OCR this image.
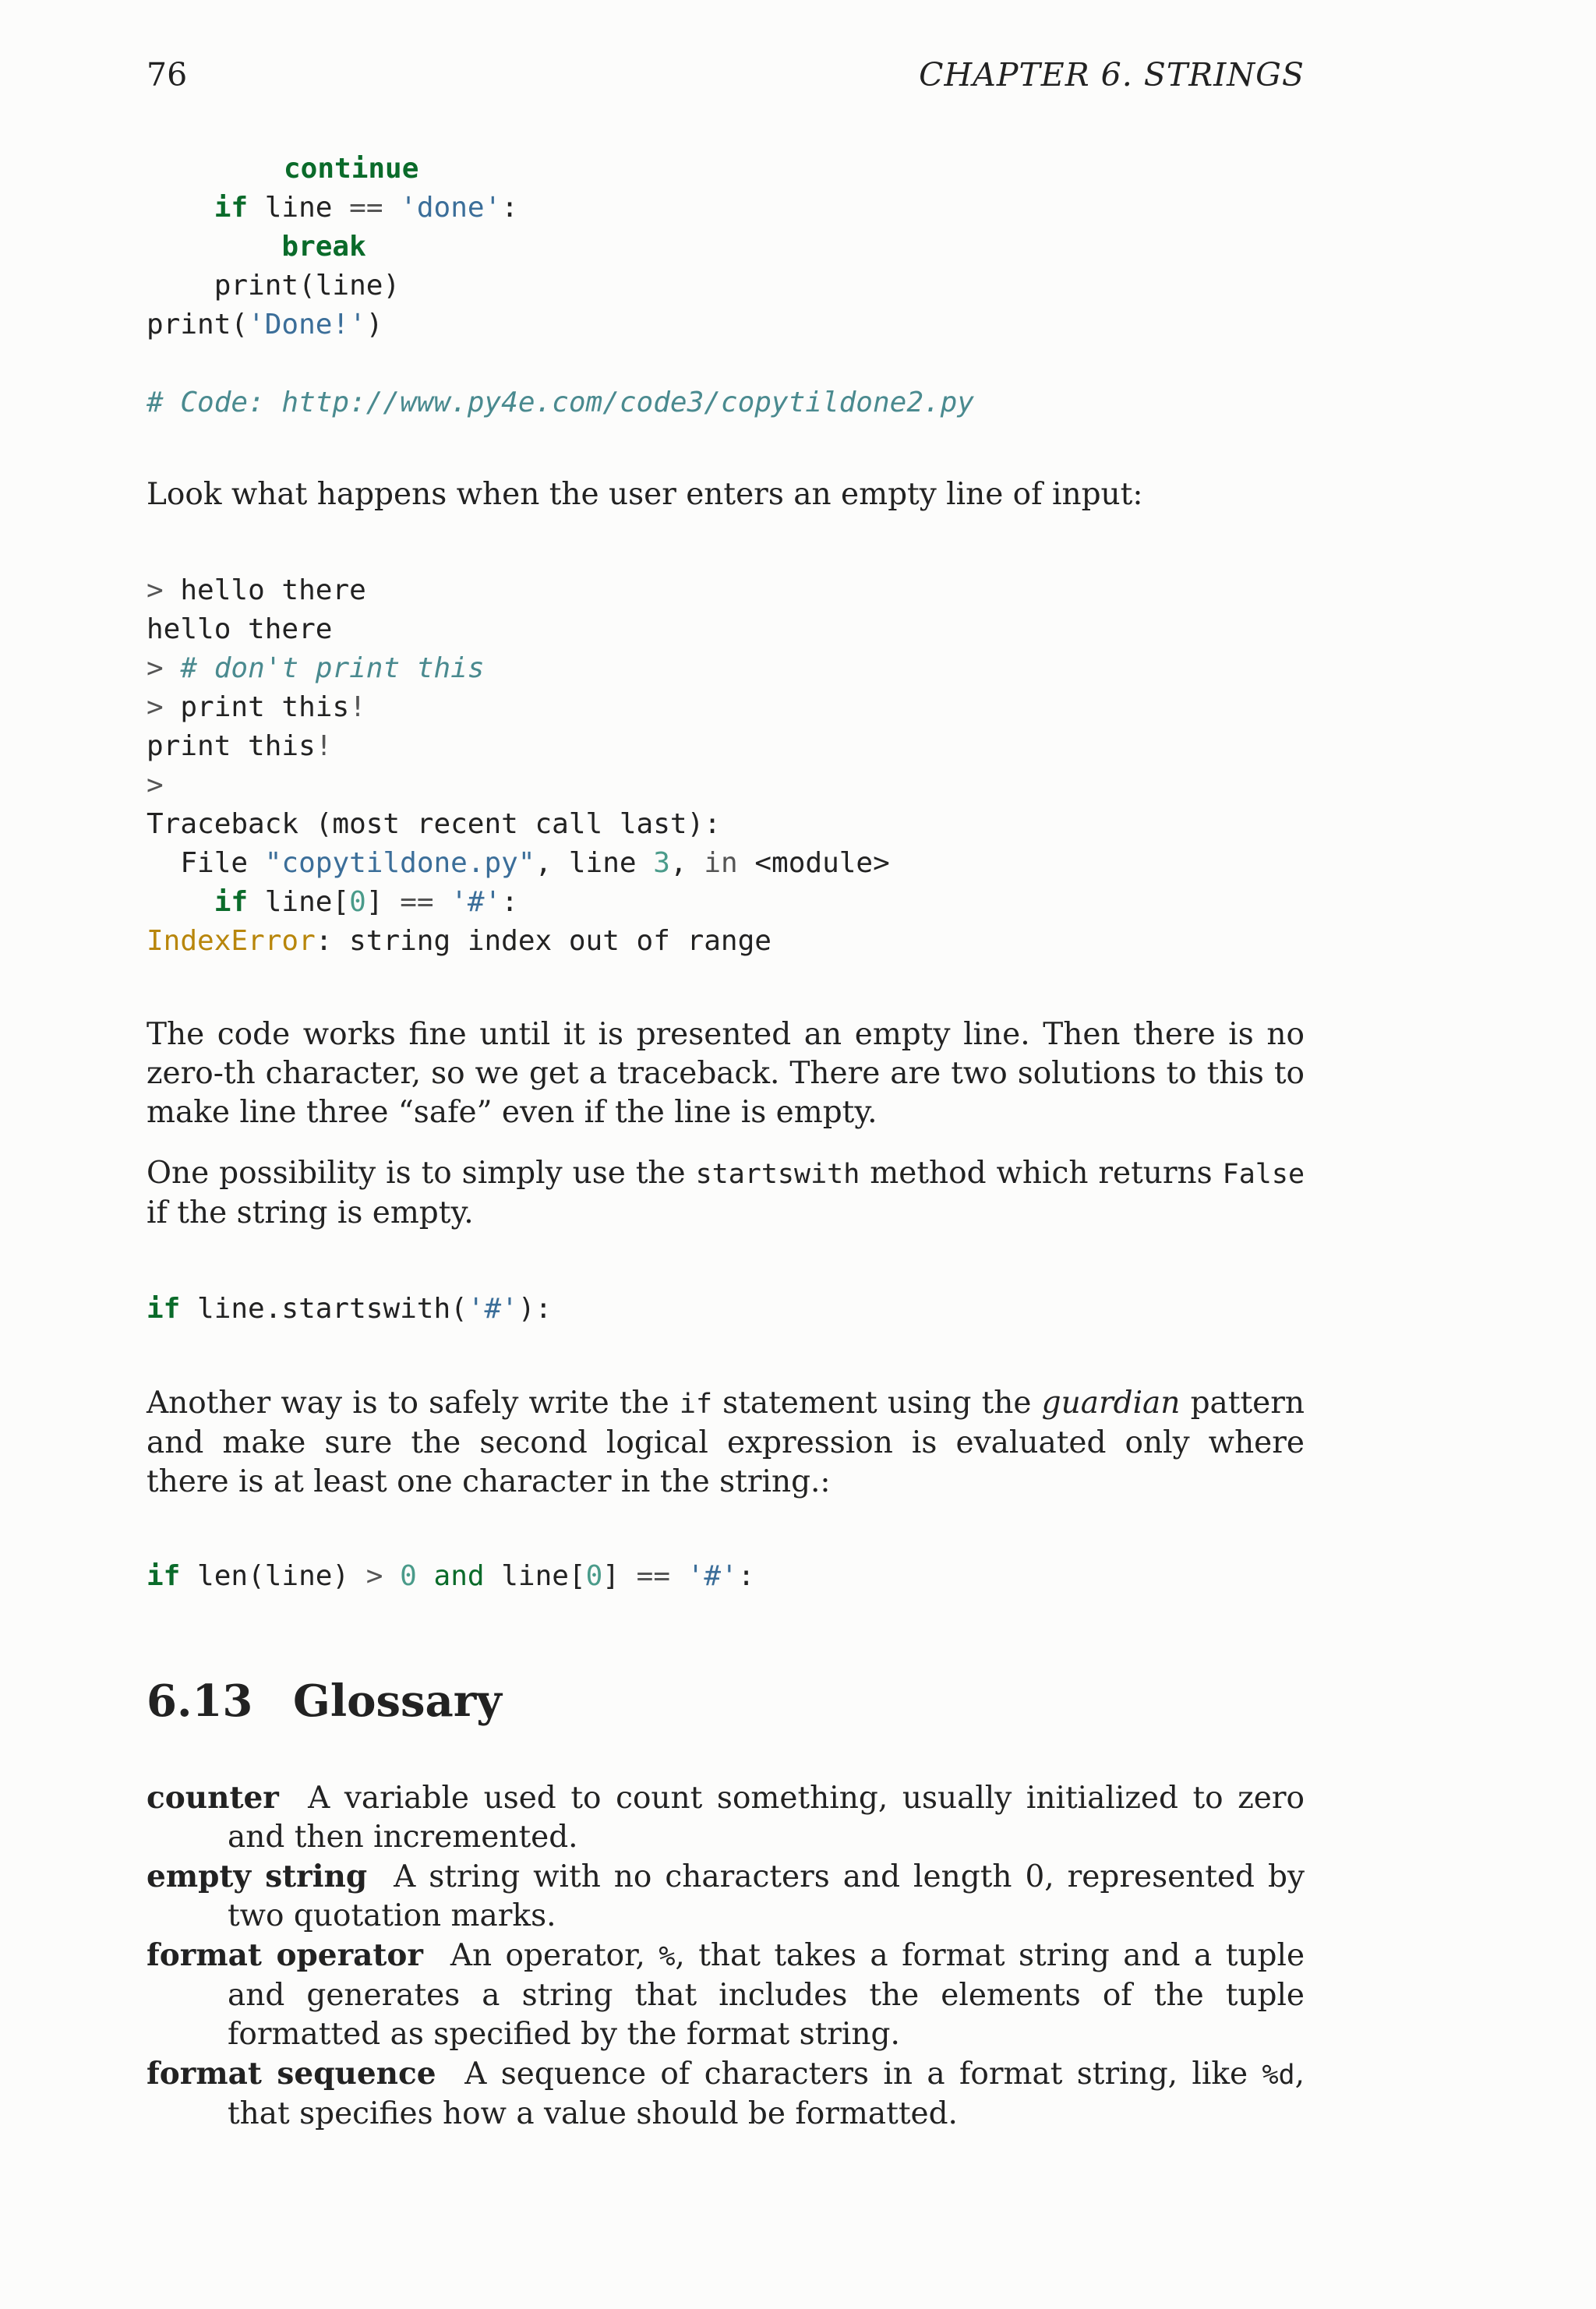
76	CHAPTER 6. STRINGS
continue
if line == 'done':
break
print(line)
print('Done!')

# Code: http://www.py4e.com/code3/copytildone2.py

Look what happens when the user enters an empty line of input:

> hello there
hello there
> # don't print this
> print this!
print this!
>
Traceback (most recent call last):
File "copytildone.py", line 3, in <module>
if line[0] == '#':
IndexError: string index out of range

The code works fine until it is presented an empty line. Then there is no zero-th character, so we get a traceback. There are two solutions to this to make line three “safe” even if the line is empty.

One possibility is to simply use the startswith method which returns False if the string is empty.

if line.startswith('#'):

Another way is to safely write the if statement using the guardian pattern and make sure the second logical expression is evaluated only where there is at least one character in the string.:

if len(line) > 0 and line[0] == '#':
6.13 Glossary

counter A variable used to count something, usually initialized to zero and then incremented.

empty string A string with no characters and length 0, represented by two quotation marks.

format operator An operator, %, that takes a format string and a tuple and generates a string that includes the elements of the tuple formatted as specified by the format string.

format sequence A sequence of characters in a format string, like %d, that specifies how a value should be formatted.
